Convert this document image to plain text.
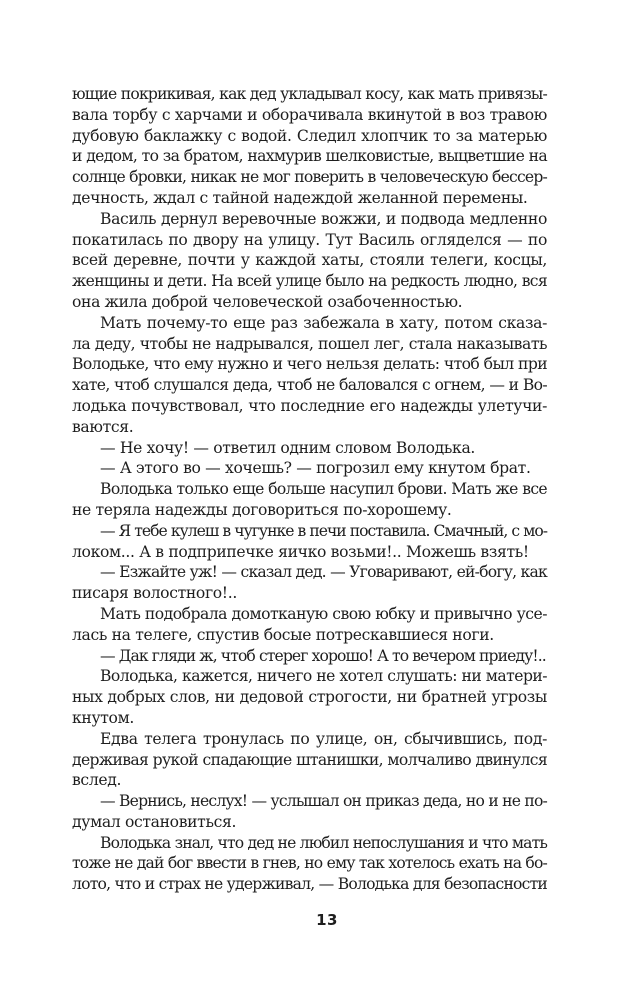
ющие покрикивая, как дед укладывал косу, как мать привязы-
вала торбу с харчами и оборачивала вкинутой в воз травою
дубовую баклажку с водой. Следил хлопчик то за матерью
и дедом, то за братом, нахмурив шелковистые, выцветшие на
солнце бровки, никак не мог поверить в человеческую бессер-
дечность, ждал с тайной надеждой желанной перемены.
Василь дернул веревочные вожжи, и подвода медленно
покатилась по двору на улицу. Тут Василь огляделся — по
всей деревне, почти у каждой хаты, стояли телеги, косцы,
женщины и дети. На всей улице было на редкость людно, вся
она жила доброй человеческой озабоченностью.
Мать почему-то еще раз забежала в хату, потом сказа-
ла деду, чтобы не надрывался, пошел лег, стала наказывать
Володьке, что ему нужно и чего нельзя делать: чтоб был при
хате, чтоб слушался деда, чтоб не баловался с огнем, — и Во-
лодька почувствовал, что последние его надежды улетучи-
ваются.
— Не хочу! — ответил одним словом Володька.
— А этого во — хочешь? — погрозил ему кнутом брат.
Володька только еще больше насупил брови. Мать же все
не теряла надежды договориться по-хорошему.
— Я тебе кулеш в чугунке в печи поставила. Смачный, с мо-
локом... А в подприпечке яичко возьми!.. Можешь взять!
— Езжайте уж! — сказал дед. — Уговаривают, ей-богу, как
писаря волостного!..
Мать подобрала домотканую свою юбку и привычно усе-
лась на телеге, спустив босые потрескавшиеся ноги.
— Дак гляди ж, чтоб стерег хорошо! А то вечером приеду!..
Володька, кажется, ничего не хотел слушать: ни матери-
ных добрых слов, ни дедовой строгости, ни братней угрозы
кнутом.
Едва телега тронулась по улице, он, сбычившись, под-
держивая рукой спадающие штанишки, молчаливо двинулся
вслед.
— Вернись, неслух! — услышал он приказ деда, но и не по-
думал остановиться.
Володька знал, что дед не любил непослушания и что мать
тоже не дай бог ввести в гнев, но ему так хотелось ехать на бо-
лото, что и страх не удерживал, — Володька для безопасности
13
